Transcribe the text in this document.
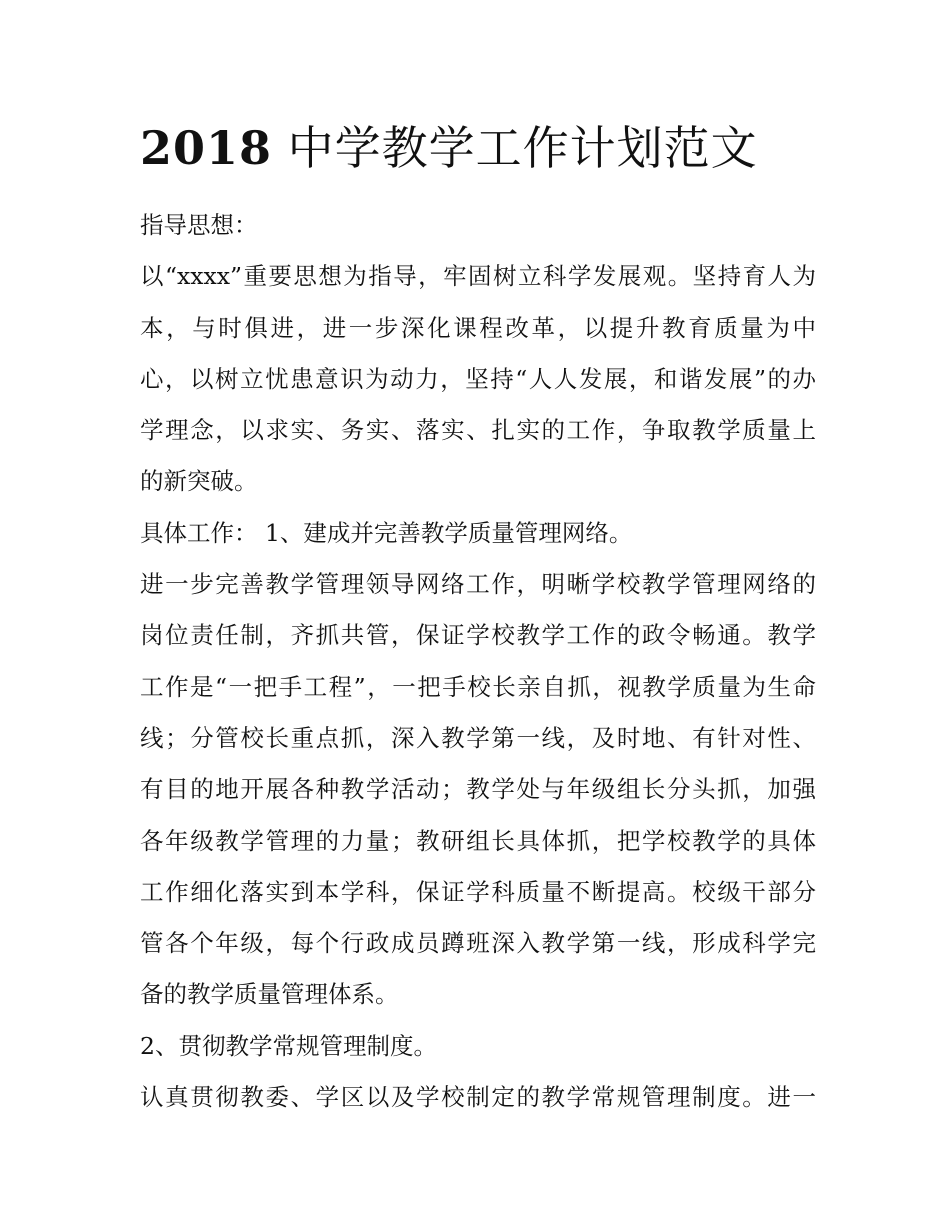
2018 中学教学工作计划范文

指导思想：

以“xxxx”重要思想为指导，牢固树立科学发展观。坚持育人为
本，与时俱进，进一步深化课程改革，以提升教育质量为中
心，以树立忧患意识为动力，坚持“人人发展，和谐发展”的办
学理念，以求实、务实、落实、扎实的工作，争取教学质量上
的新突破。

具体工作： 1、建成并完善教学质量管理网络。

进一步完善教学管理领导网络工作，明晰学校教学管理网络的
岗位责任制，齐抓共管，保证学校教学工作的政令畅通。教学
工作是“一把手工程”，一把手校长亲自抓，视教学质量为生命
线；分管校长重点抓，深入教学第一线，及时地、有针对性、
有目的地开展各种教学活动；教学处与年级组长分头抓，加强
各年级教学管理的力量；教研组长具体抓，把学校教学的具体
工作细化落实到本学科，保证学科质量不断提高。校级干部分
管各个年级，每个行政成员蹲班深入教学第一线，形成科学完
备的教学质量管理体系。

2、贯彻教学常规管理制度。

认真贯彻教委、学区以及学校制定的教学常规管理制度。进一
